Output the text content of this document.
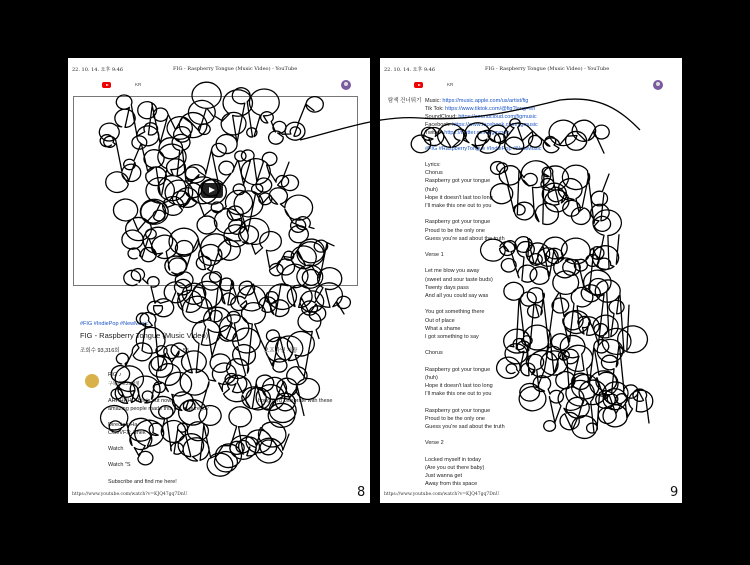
22. 10. 14. 오후 9:46	FIG - Raspberry Tongue (Music Video) - YouTube
KR
#FIG #IndiePop #NewMusic
FIG - Raspberry Tongue (Music Video)
조회수 93,316회	55	오프라인 저장
FIG ♪
구독자 3.25만명
AHHHHH! This is out now	hought I'd celebrate with these
amazing people made this out of pure joy
Director: Ha
CGI/VFX: Shek
Watch
Watch "S
Subscribe and find me here!
https://www.youtube.com/watch?v=KJQ47gq7DnU	8
22. 10. 14. 오후 9:46	FIG - Raspberry Tongue (Music Video) - YouTube
KR
탐색 건너뛰기 Music: https://music.apple.com/us/artist/fig
Tik Tok: https://www.tiktok.com/@fig?lang=en
SoundCloud: https://soundcloud.com/figmusic
Facebook: https://www.facebook.com/figmusic
Twitter: https://twitter.com/figgypop
#FIG #RaspberryTongue #IndiePop #NewMusic
Lyrics:
Chorus
Raspberry got your tongue
(huh)
Hope it doesn't last too long
I'll make this one out to you
Raspberry got your tongue
Proud to be the only one
Guess you're sad about the truth
Verse 1
Let me blow you away
(sweet and sour taste buds)
Twenty days pass
And all you could say was
You got something there
Out of place
What a shame
I got something to say
Chorus
Raspberry got your tongue
(huh)
Hope it doesn't last too long
I'll make this one out to you
Raspberry got your tongue
Proud to be the only one
Guess you're sad about the truth
Verse 2
Locked myself in today
(Are you out there baby)
Just wanna get
Away from this space
https://www.youtube.com/watch?v=KJQ47gq7DnU	9
